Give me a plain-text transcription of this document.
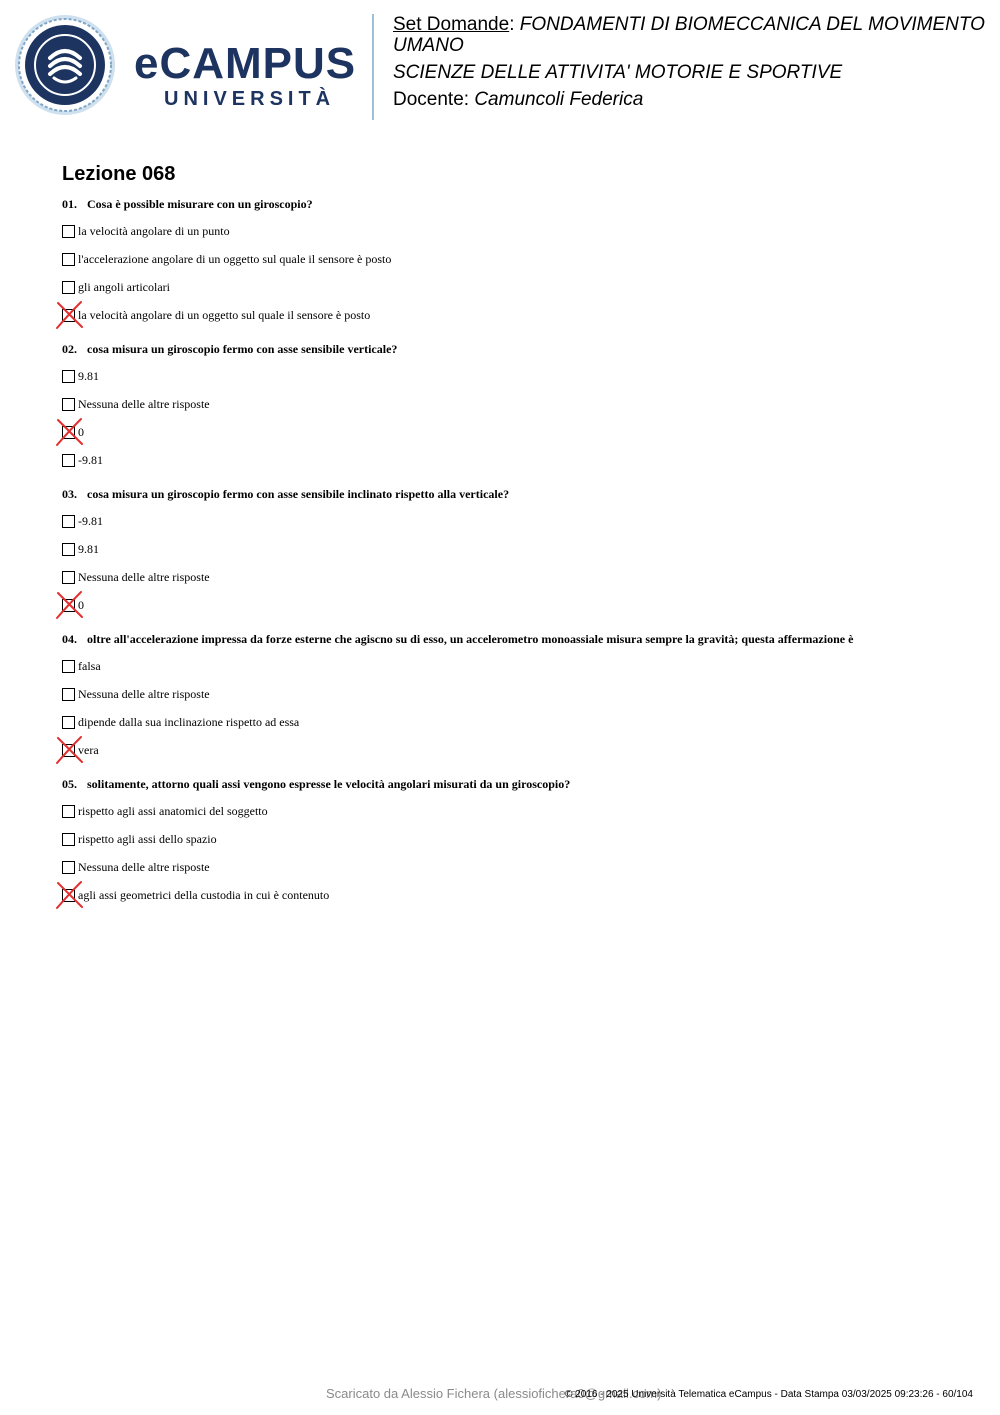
eCAMPUS
UNIVERSITÀ

Set Domande: FONDAMENTI DI BIOMECCANICA DEL MOVIMENTO UMANO

SCIENZE DELLE ATTIVITA' MOTORIE E SPORTIVE

Docente: Camuncoli Federica

Lezione 068

01. Cosa è possible misurare con un giroscopio?

la velocità angolare di un punto
l'accelerazione angolare di un oggetto sul quale il sensore è posto
gli angoli articolari
la velocità angolare di un oggetto sul quale il sensore è posto

02. cosa misura un giroscopio fermo con asse sensibile verticale?

9.81
Nessuna delle altre risposte
0
-9.81

03. cosa misura un giroscopio fermo con asse sensibile inclinato rispetto alla verticale?

-9.81
9.81
Nessuna delle altre risposte
0

04. oltre all'accelerazione impressa da forze esterne che agiscno su di esso, un accelerometro monoassiale misura sempre la gravità; questa affermazione è

falsa
Nessuna delle altre risposte
dipende dalla sua inclinazione rispetto ad essa
vera

05. solitamente, attorno quali assi vengono espresse le velocità angolari misurati da un giroscopio?

rispetto agli assi anatomici del soggetto
rispetto agli assi dello spazio
Nessuna delle altre risposte
agli assi geometrici della custodia in cui è contenuto
Scaricato da Alessio Fichera (alessiofichera0@gmail.com)
© 2016 - 2025 Università Telematica eCampus - Data Stampa 03/03/2025 09:23:26 - 60/104
